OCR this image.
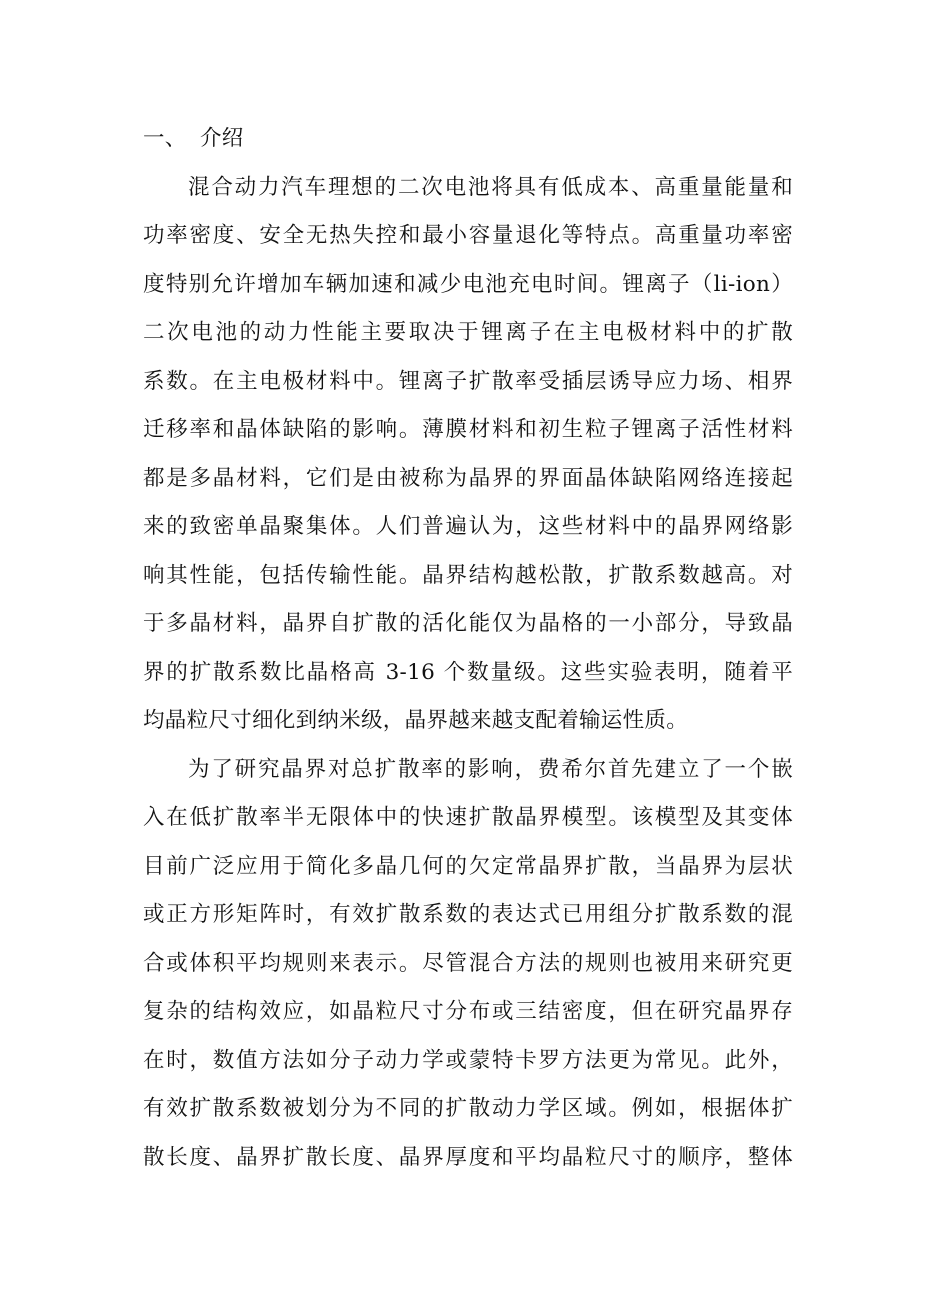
一、 介绍

混合动力汽车理想的二次电池将具有低成本、高重量能量和
功率密度、安全无热失控和最小容量退化等特点。高重量功率密
度特别允许增加车辆加速和减少电池充电时间。锂离子（li-ion）
二次电池的动力性能主要取决于锂离子在主电极材料中的扩散
系数。在主电极材料中。锂离子扩散率受插层诱导应力场、相界
迁移率和晶体缺陷的影响。薄膜材料和初生粒子锂离子活性材料
都是多晶材料，它们是由被称为晶界的界面晶体缺陷网络连接起
来的致密单晶聚集体。人们普遍认为，这些材料中的晶界网络影
响其性能，包括传输性能。晶界结构越松散，扩散系数越高。对
于多晶材料，晶界自扩散的活化能仅为晶格的一小部分，导致晶
界的扩散系数比晶格高 3-16 个数量级。这些实验表明，随着平
均晶粒尺寸细化到纳米级，晶界越来越支配着输运性质。

为了研究晶界对总扩散率的影响，费希尔首先建立了一个嵌
入在低扩散率半无限体中的快速扩散晶界模型。该模型及其变体
目前广泛应用于简化多晶几何的欠定常晶界扩散，当晶界为层状
或正方形矩阵时，有效扩散系数的表达式已用组分扩散系数的混
合或体积平均规则来表示。尽管混合方法的规则也被用来研究更
复杂的结构效应，如晶粒尺寸分布或三结密度，但在研究晶界存
在时，数值方法如分子动力学或蒙特卡罗方法更为常见。此外，
有效扩散系数被划分为不同的扩散动力学区域。例如，根据体扩
散长度、晶界扩散长度、晶界厚度和平均晶粒尺寸的顺序，整体
